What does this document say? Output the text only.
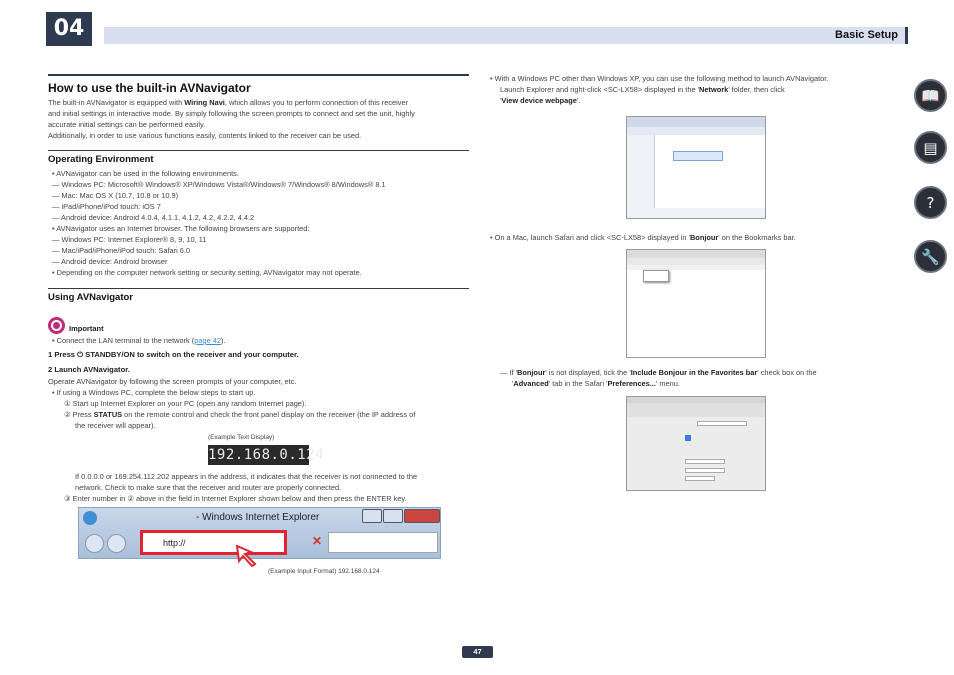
04	Basic Setup
How to use the built-in AVNavigator
The built-in AVNavigator is equipped with Wiring Navi, which allows you to perform connection of this receiver
and initial settings in interactive mode. By simply following the screen prompts to connect and set the unit, highly
accurate initial settings can be performed easily.
Additionally, in order to use various functions easily, contents linked to the receiver can be used.
Operating Environment
• AVNavigator can be used in the following environments.
— Windows PC: Microsoft® Windows® XP/Windows Vista®/Windows® 7/Windows® 8/Windows® 8.1
— Mac: Mac OS X (10.7, 10.8 or 10.9)
— iPad/iPhone/iPod touch: iOS 7
— Android device: Android 4.0.4, 4.1.1, 4.1.2, 4.2, 4.2.2, 4.4.2
• AVNavigator uses an Internet browser. The following browsers are supported:
— Windows PC: Internet Explorer® 8, 9, 10, 11
— Mac/iPad/iPhone/iPod touch: Safari 6.0
— Android device: Android browser
• Depending on the computer network setting or security setting, AVNavigator may not operate.
Using AVNavigator
Important
• Connect the LAN terminal to the network (page 42).
1 Press ⏻ STANDBY/ON to switch on the receiver and your computer.
2 Launch AVNavigator.
Operate AVNavigator by following the screen prompts of your computer, etc.
• If using a Windows PC, complete the below steps to start up.
① Start up Internet Explorer on your PC (open any random Internet page).
② Press STATUS on the remote control and check the front panel display on the receiver (the IP address of
the receiver will appear).
(Example Text Display)
192.168.0.124
If 0.0.0.0 or 169.254.112.202 appears in the address, it indicates that the receiver is not connected to the
network. Check to make sure that the receiver and router are properly connected.
③ Enter number in ② above in the field in Internet Explorer shown below and then press the ENTER key.
- Windows Internet Explorer
http://	✕
(Example Input Format) 192.168.0.124
• With a Windows PC other than Windows XP, you can use the following method to launch AVNavigator.
Launch Explorer and right-click <SC-LX58> displayed in the 'Network' folder, then click
'View device webpage'.
• On a Mac, launch Safari and click <SC-LX58> displayed in 'Bonjour' on the Bookmarks bar.
— If 'Bonjour' is not displayed, tick the 'Include Bonjour in the Favorites bar' check box on the
'Advanced' tab in the Safari 'Preferences...' menu.
📖
▤
?
🔧
47
